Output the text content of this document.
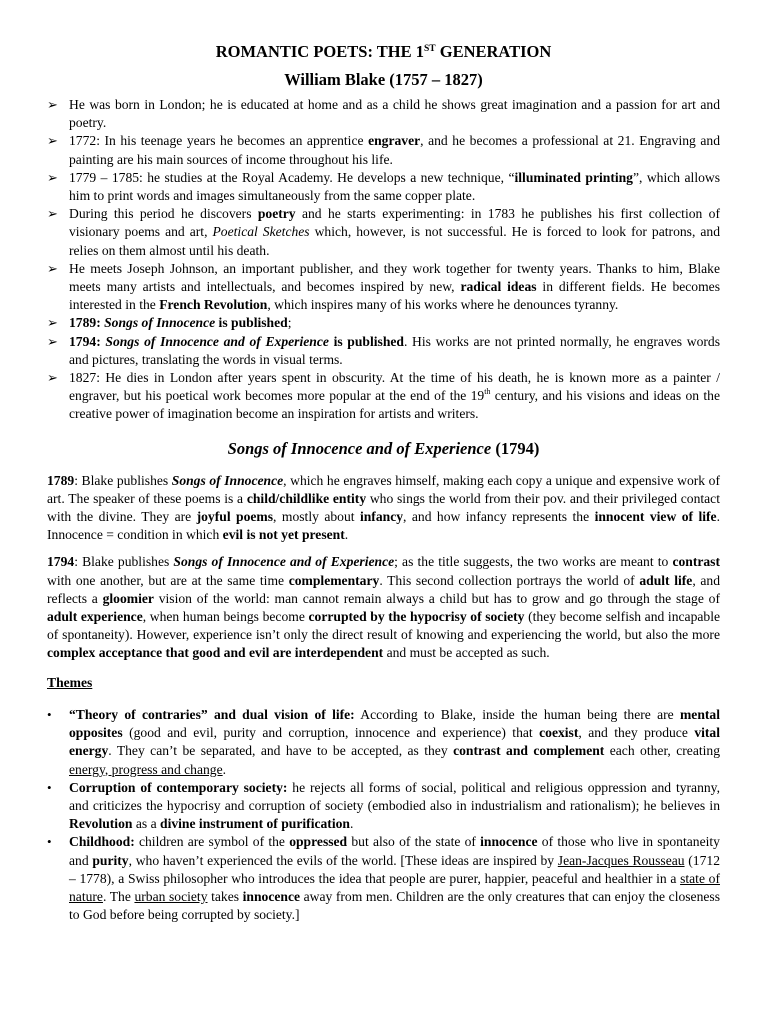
ROMANTIC POETS: THE 1ST GENERATION
William Blake (1757 – 1827)
➢ He was born in London; he is educated at home and as a child he shows great imagination and a passion for art and poetry.
➢ 1772: In his teenage years he becomes an apprentice engraver, and he becomes a professional at 21. Engraving and painting are his main sources of income throughout his life.
➢ 1779 – 1785: he studies at the Royal Academy. He develops a new technique, “illuminated printing”, which allows him to print words and images simultaneously from the same copper plate.
➢ During this period he discovers poetry and he starts experimenting: in 1783 he publishes his first collection of visionary poems and art, Poetical Sketches which, however, is not successful. He is forced to look for patrons, and relies on them almost until his death.
➢ He meets Joseph Johnson, an important publisher, and they work together for twenty years. Thanks to him, Blake meets many artists and intellectuals, and becomes inspired by new, radical ideas in different fields. He becomes interested in the French Revolution, which inspires many of his works where he denounces tyranny.
➢ 1789: Songs of Innocence is published;
➢ 1794: Songs of Innocence and of Experience is published. His works are not printed normally, he engraves words and pictures, translating the words in visual terms.
➢ 1827: He dies in London after years spent in obscurity. At the time of his death, he is known more as a painter / engraver, but his poetical work becomes more popular at the end of the 19th century, and his visions and ideas on the creative power of imagination become an inspiration for artists and writers.
Songs of Innocence and of Experience (1794)

1789: Blake publishes Songs of Innocence, which he engraves himself, making each copy a unique and expensive work of art. The speaker of these poems is a child/childlike entity who sings the world from their pov. and their privileged contact with the divine. They are joyful poems, mostly about infancy, and how infancy represents the innocent view of life. Innocence = condition in which evil is not yet present.

1794: Blake publishes Songs of Innocence and of Experience; as the title suggests, the two works are meant to contrast with one another, but are at the same time complementary. This second collection portrays the world of adult life, and reflects a gloomier vision of the world: man cannot remain always a child but has to grow and go through the stage of adult experience, when human beings become corrupted by the hypocrisy of society (they become selfish and incapable of spontaneity). However, experience isn’t only the direct result of knowing and experiencing the world, but also the more complex acceptance that good and evil are interdependent and must be accepted as such.

Themes
• “Theory of contraries” and dual vision of life: According to Blake, inside the human being there are mental opposites (good and evil, purity and corruption, innocence and experience) that coexist, and they produce vital energy. They can’t be separated, and have to be accepted, as they contrast and complement each other, creating energy, progress and change.
• Corruption of contemporary society: he rejects all forms of social, political and religious oppression and tyranny, and criticizes the hypocrisy and corruption of society (embodied also in industrialism and rationalism); he believes in Revolution as a divine instrument of purification.
• Childhood: children are symbol of the oppressed but also of the state of innocence of those who live in spontaneity and purity, who haven’t experienced the evils of the world. [These ideas are inspired by Jean-Jacques Rousseau (1712 – 1778), a Swiss philosopher who introduces the idea that people are purer, happier, peaceful and healthier in a state of nature. The urban society takes innocence away from men. Children are the only creatures that can enjoy the closeness to God before being corrupted by society.]
